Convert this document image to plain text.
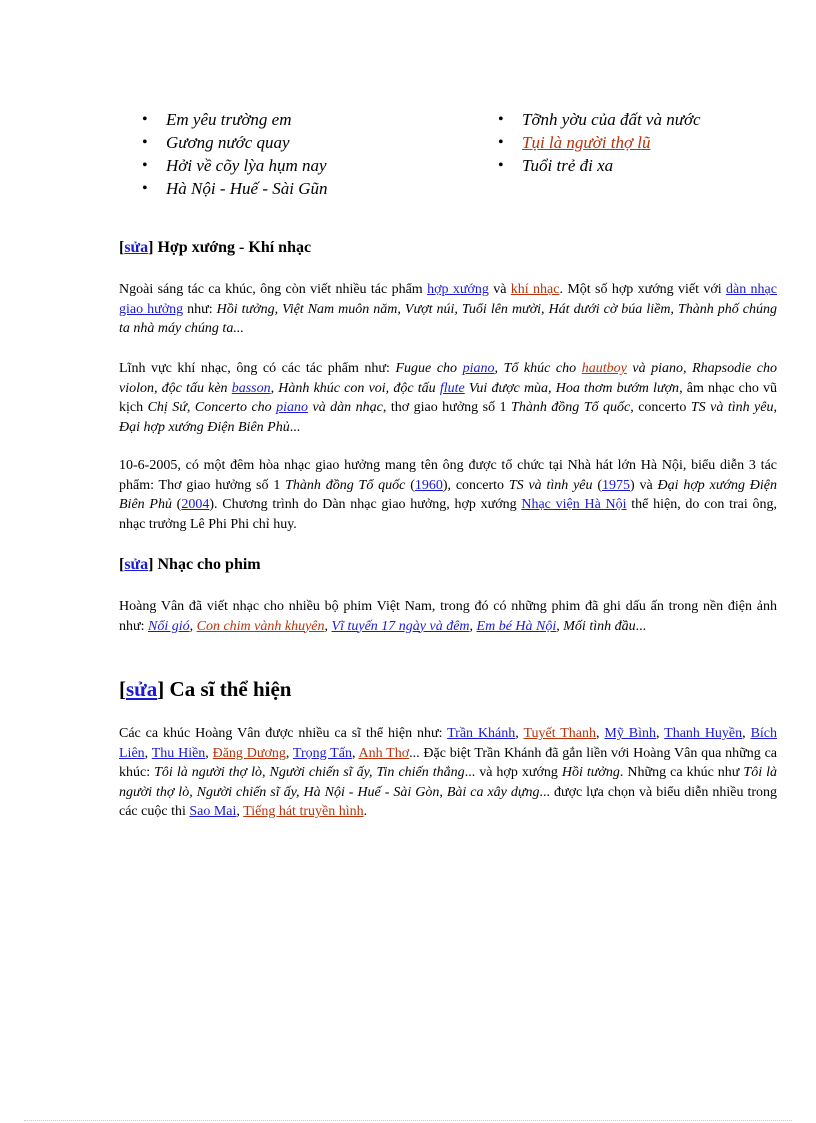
• Em yêu trường em
• Gương nước quay
• Hởi về cõy lỳa hụm nay
• Hà Nội - Huế - Sài Gũn
• Tỡnh yờu của đất và nước
• Tụi là người thợ lũ
• Tuổi trẻ đi xa
[sửa] Hợp xướng - Khí nhạc

Ngoài sáng tác ca khúc, ông còn viết nhiều tác phẩm hợp xướng và khí nhạc. Một số hợp xướng viết với dàn nhạc giao hưởng như: Hồi tưởng, Việt Nam muôn năm, Vượt núi, Tuổi lên mười, Hát dưới cờ búa liềm, Thành phố chúng ta nhà máy chúng ta...

Lĩnh vực khí nhạc, ông có các tác phẩm như: Fugue cho piano, Tổ khúc cho hautboy và piano, Rhapsodie cho violon, độc tấu kèn basson, Hành khúc con voi, độc tấu flute Vui được mùa, Hoa thơm bướm lượn, âm nhạc cho vũ kịch Chị Sứ, Concerto cho piano và dàn nhạc, thơ giao hưởng số 1 Thành đồng Tổ quốc, concerto TS và tình yêu, Đại hợp xướng Điện Biên Phủ...

10-6-2005, có một đêm hòa nhạc giao hưởng mang tên ông được tổ chức tại Nhà hát lớn Hà Nội, biểu diễn 3 tác phẩm: Thơ giao hưởng số 1 Thành đồng Tổ quốc (1960), concerto TS và tình yêu (1975) và Đại hợp xướng Điện Biên Phủ (2004). Chương trình do Dàn nhạc giao hưởng, hợp xướng Nhạc viện Hà Nội thể hiện, do con trai ông, nhạc trưởng Lê Phi Phi chỉ huy.

[sửa] Nhạc cho phim

Hoàng Vân đã viết nhạc cho nhiều bộ phim Việt Nam, trong đó có những phim đã ghi dấu ấn trong nền điện ảnh như: Nổi gió, Con chim vành khuyên, Vĩ tuyến 17 ngày và đêm, Em bé Hà Nội, Mối tình đầu...

[sửa] Ca sĩ thể hiện

Các ca khúc Hoàng Vân được nhiều ca sĩ thể hiện như: Trần Khánh, Tuyết Thanh, Mỹ Bình, Thanh Huyền, Bích Liên, Thu Hiền, Đăng Dương, Trọng Tấn, Anh Thơ... Đặc biệt Trần Khánh đã gắn liền với Hoàng Vân qua những ca khúc: Tôi là người thợ lò, Người chiến sĩ ấy, Tin chiến thắng... và hợp xướng Hồi tưởng. Những ca khúc như Tôi là người thợ lò, Người chiến sĩ ấy, Hà Nội - Huế - Sài Gòn, Bài ca xây dựng... được lựa chọn và biểu diễn nhiều trong các cuộc thi Sao Mai, Tiếng hát truyền hình.
